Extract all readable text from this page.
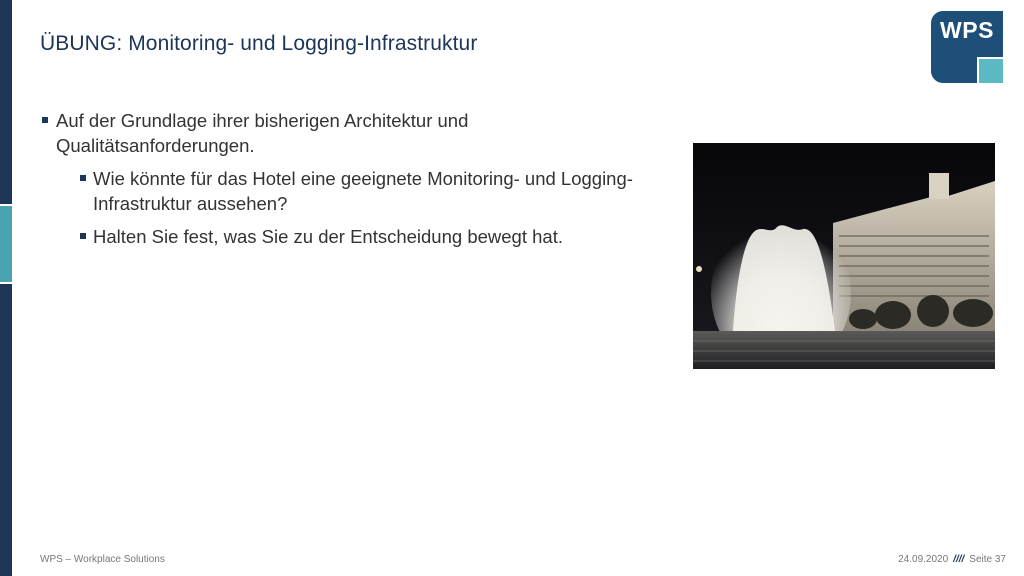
ÜBUNG: Monitoring- und Logging-Infrastruktur
WPS
Auf der Grundlage ihrer bisherigen Architektur und Qualitätsanforderungen.
Wie könnte für das Hotel eine geeignete Monitoring- und Logging-Infrastruktur aussehen?
Halten Sie fest, was Sie zu der Entscheidung bewegt hat.
WPS – Workplace Solutions	24.09.2020 //// Seite 37
